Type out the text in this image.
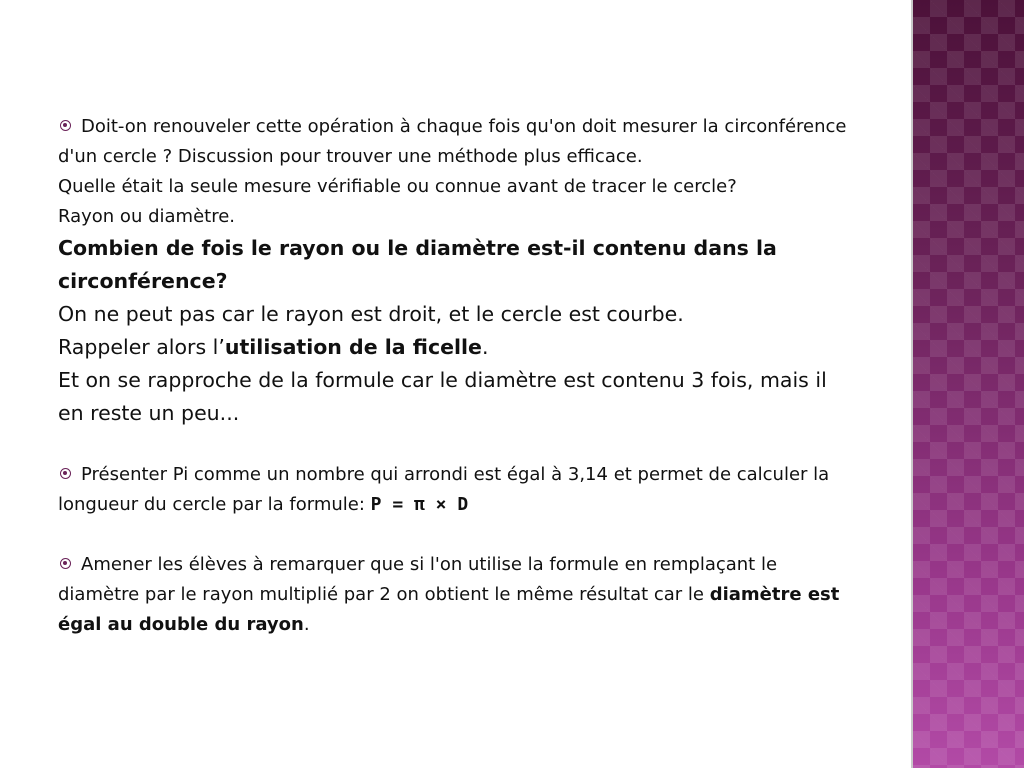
Doit-on renouveler cette opération à chaque fois qu'on doit mesurer la circonférence d'un cercle ? Discussion pour trouver une méthode plus efficace.

Quelle était la seule mesure vérifiable ou connue avant de tracer le cercle?

Rayon ou diamètre.

Combien de fois le rayon ou le diamètre est-il contenu dans la circonférence?

On ne peut pas car le rayon est droit, et le cercle est courbe.

Rappeler alors l’utilisation de la ficelle.

Et on se rapproche de la formule car le diamètre est contenu 3 fois, mais il en reste un peu...

Présenter Pi comme un nombre qui arrondi est égal à 3,14 et permet de calculer la longueur du cercle par la formule: P = π × D

Amener les élèves à remarquer que si l'on utilise la formule en remplaçant le diamètre par le rayon multiplié par 2 on obtient le même résultat car le diamètre est égal au double du rayon.
